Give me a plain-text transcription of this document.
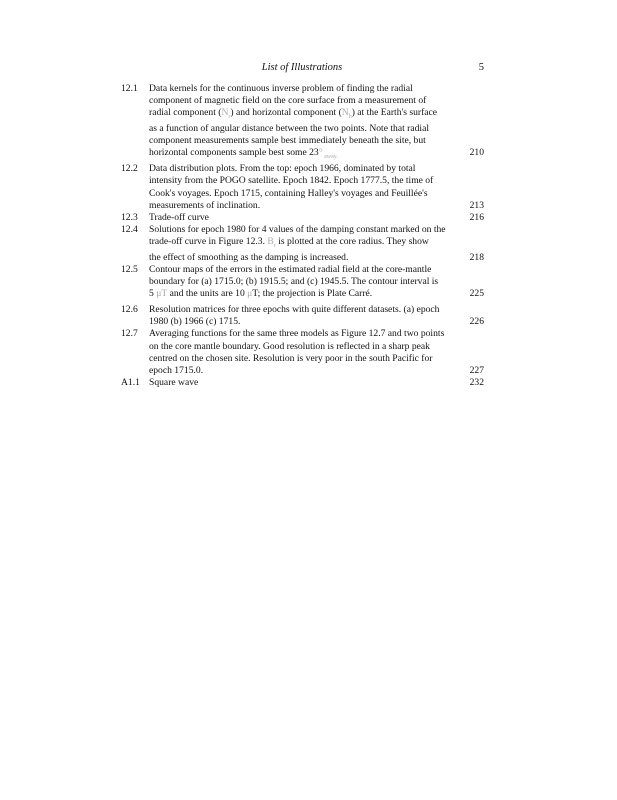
List of Illustrations	5
12.1	Data kernels for the continuous inverse problem of finding the radial
component of magnetic field on the core surface from a measurement of
radial component $(N_r)$ and horizontal component $(N_h)$ at the Earth's surface
as a function of angular distance between the two points. Note that radial
component measurements sample best immediately beneath the site, but
horizontal components sample best some 23° $_{away.}$	210
12.2	Data distribution plots. From the top: epoch 1966, dominated by total
intensity from the POGO satellite. Epoch 1842. Epoch 1777.5, the time of
Cook's voyages. Epoch 1715, containing Halley's voyages and Feuillée's
measurements of inclination.	213
12.3	Trade-off curve	216
12.4	Solutions for epoch 1980 for 4 values of the damping constant marked on the
trade-off curve in Figure 12.3. $B_r$ is plotted at the core radius. They show
the effect of smoothing as the damping is increased.	218
12.5	Contour maps of the errors in the estimated radial field at the core-mantle
boundary for (a) 1715.0; (b) 1915.5; and (c) 1945.5. The contour interval is
5 μT and the units are 10 μT; the projection is Plate Carré.	225
12.6	Resolution matrices for three epochs with quite different datasets. (a) epoch
1980 (b) 1966 (c) 1715.	226
12.7	Averaging functions for the same three models as Figure 12.7 and two points
on the core mantle boundary. Good resolution is reflected in a sharp peak
centred on the chosen site. Resolution is very poor in the south Pacific for
epoch 1715.0.	227
A1.1 Square wave	232
